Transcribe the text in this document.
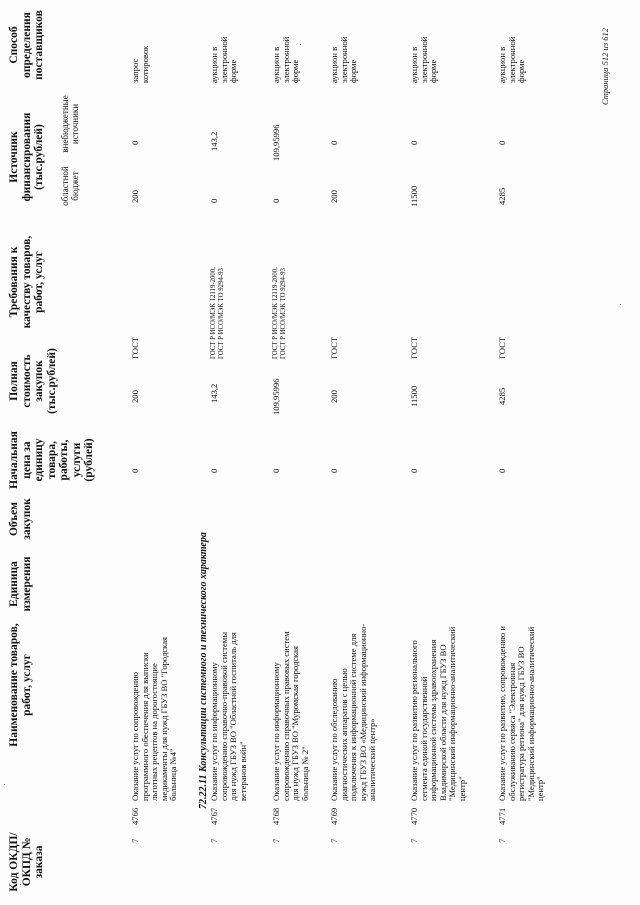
Код ОКДП/ ОКПД № заказа
Наименование товаров, работ, услуг
Единица измерения
Объем закупок
Начальная цена за единицу товара, работы, услуги (рублей)
Полная стоимость закупок (тыс.рублей)
Требования к качеству товаров, работ, услуг
Источник финансирования (тыс.рублей) областной бюджет
внебюджетные источники
Способ определения поставщиков
72.22.11 Консультации системного и технического характера
7
4766
Оказание услуг по сопровождению программного обеспечения для выписки льготных рецептов на дорогостоящие медикаменты для нужд ГБУЗ ВО "Городская больница №4"
0
200
ГОСТ
200
0
запрос котировок
7
4767
Оказание услуг по информационному сопровождению справочно-правовой системы для нужд ГБУЗ ВО "Областной госпиталь для ветеранов войн"
0
143,2
ГОСТ Р ИСО/МЭК 12119-2000, ГОСТ Р ИСО/МЭК ТО 9294-93
0
143,2
аукцион в электронной форме
7
4768
Оказание услуг по информационному сопровождению справочных правовых систем для нужд ГБУЗ ВО "Муромская городская больница № 2"
0
109,95996
ГОСТ Р ИСО/МЭК 12119-2000, ГОСТ Р ИСО/МЭК ТО 9294-93
0
109,95996
аукцион в электронной форме
7
4769
Оказание услуг по обследованию диагностических аппаратов с целью подключения к информационной системе для нужд ГБУЗ ВО «Медицинский информационно-аналитический центр»
0
200
ГОСТ
200
0
аукцион в электронной форме
7
4770
Оказание услуг по развитию регионального сегмента единой государственной информационной системы здравоохранения Владимирской области для нужд ГБУЗ ВО "Медицинский информационно-аналитический центр"
0
11500
ГОСТ
11500
0
аукцион в электронной форме
7
4771
Оказание услуг по развитию, сопровождению и обслуживанию сервиса "Электронная регистратура региона" для нужд ГБУЗ ВО "Медицинский информационно-аналитический центр"
0
4285
ГОСТ
4285
0
аукцион в электронной форме	Страница 512 из 612
